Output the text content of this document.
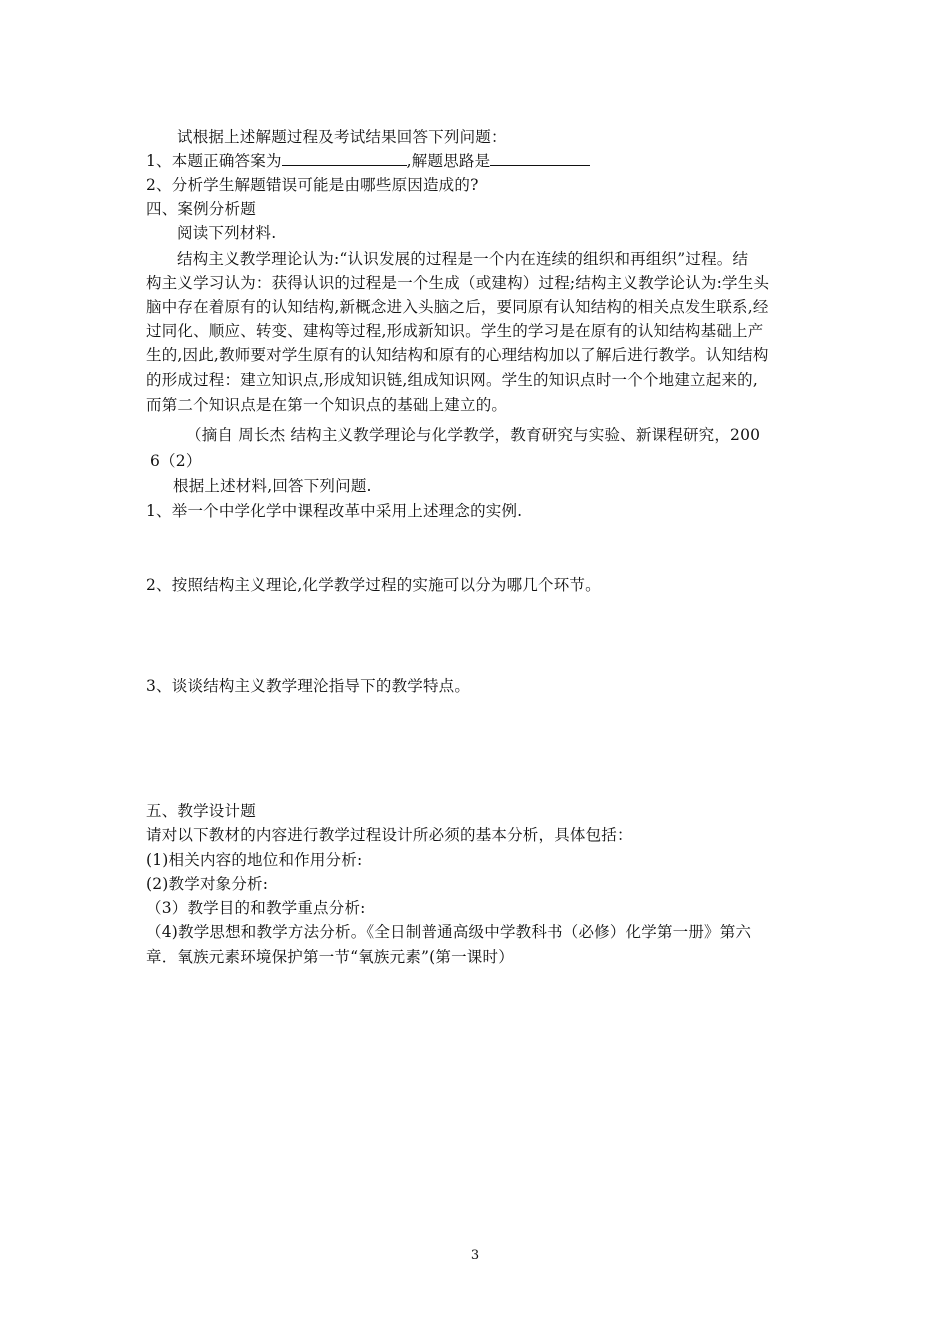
试根据上述解题过程及考试结果回答下列问题：
1、本题正确答案为	,解题思路是
2、分析学生解题错误可能是由哪些原因造成的?
四、案例分析题
阅读下列材料.
结构主义教学理论认为:“认识发展的过程是一个内在连续的组织和再组织”过程。结
构主义学习认为：获得认识的过程是一个生成（或建构）过程;结构主义教学论认为:学生头
脑中存在着原有的认知结构,新概念进入头脑之后，要同原有认知结构的相关点发生联系,经
过同化、顺应、转变、建构等过程,形成新知识。学生的学习是在原有的认知结构基础上产
生的,因此,教师要对学生原有的认知结构和原有的心理结构加以了解后进行教学。认知结构
的形成过程：建立知识点,形成知识链,组成知识网。学生的知识点时一个个地建立起来的,
而第二个知识点是在第一个知识点的基础上建立的。
（摘自 周长杰 结构主义教学理论与化学教学，教育研究与实验、新课程研究，200
6（2）
根据上述材料,回答下列问题.
1、举一个中学化学中课程改革中采用上述理念的实例.
2、按照结构主义理论,化学教学过程的实施可以分为哪几个环节。
3、谈谈结构主义教学理沦指导下的教学特点。
五、教学设计题
请对以下教材的内容进行教学过程设计所必须的基本分析，具体包括：
(1)相关内容的地位和作用分析:
(2)教学对象分析:
（3）教学目的和教学重点分析:
（4)教学思想和教学方法分析。《全日制普通高级中学教科书（必修）化学第一册》第六
章．氧族元素环境保护第一节“氧族元素”(第一课时）
3
